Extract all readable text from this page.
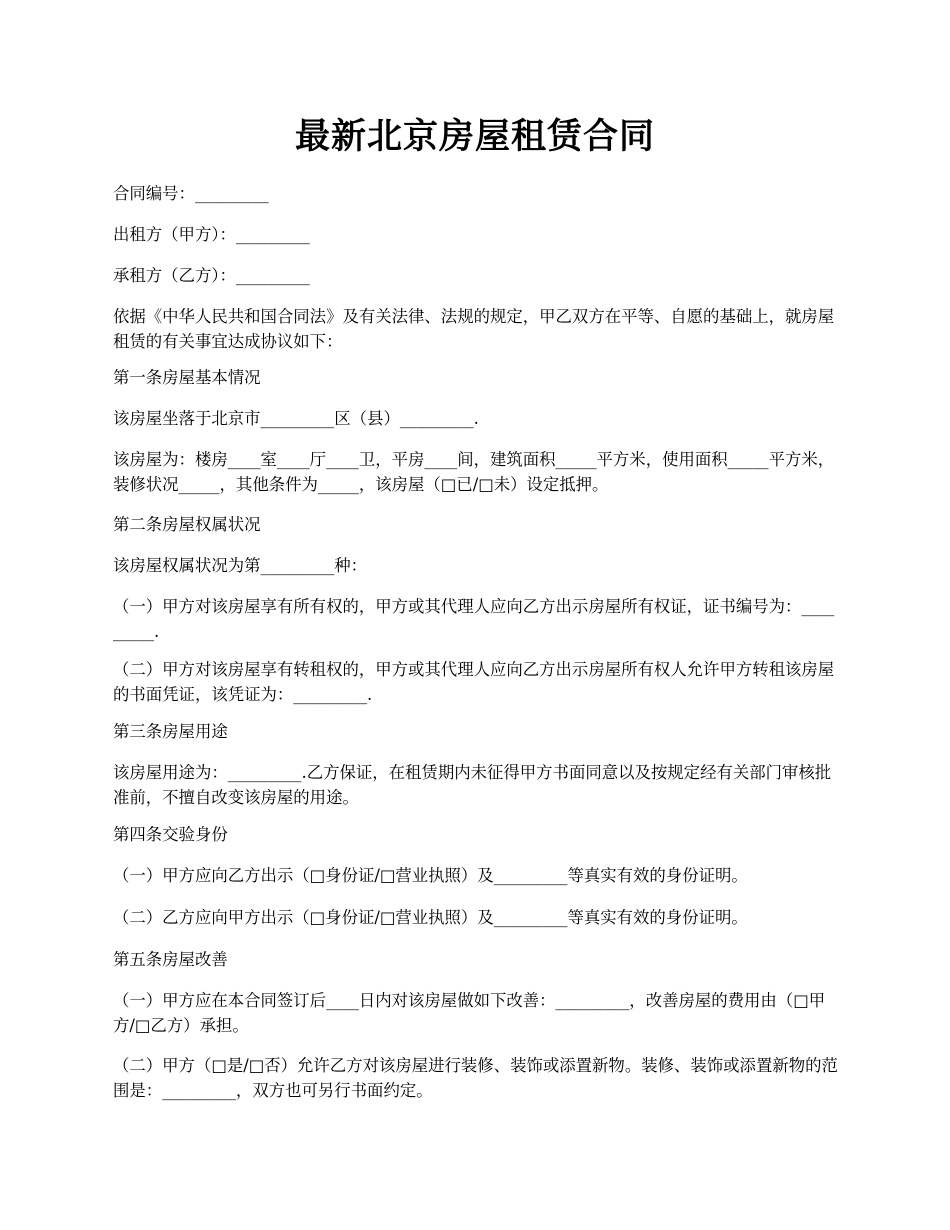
最新北京房屋租赁合同

合同编号：_________

出租方（甲方）：_________

承租方（乙方）：_________

依据《中华人民共和国合同法》及有关法律、法规的规定，甲乙双方在平等、自愿的基础上，就房屋租赁的有关事宜达成协议如下：

第一条房屋基本情况

该房屋坐落于北京市_________区（县）_________.

该房屋为：楼房____室____厅____卫，平房____间，建筑面积_____平方米，使用面积_____平方米，装修状况_____，其他条件为_____，该房屋（□已/□未）设定抵押。

第二条房屋权属状况

该房屋权属状况为第_________种：

（一）甲方对该房屋享有所有权的，甲方或其代理人应向乙方出示房屋所有权证，证书编号为：_________.

（二）甲方对该房屋享有转租权的，甲方或其代理人应向乙方出示房屋所有权人允许甲方转租该房屋的书面凭证，该凭证为：_________.

第三条房屋用途

该房屋用途为：_________.乙方保证，在租赁期内未征得甲方书面同意以及按规定经有关部门审核批准前，不擅自改变该房屋的用途。

第四条交验身份

（一）甲方应向乙方出示（□身份证/□营业执照）及_________等真实有效的身份证明。

（二）乙方应向甲方出示（□身份证/□营业执照）及_________等真实有效的身份证明。

第五条房屋改善

（一）甲方应在本合同签订后____日内对该房屋做如下改善：_________，改善房屋的费用由（□甲方/□乙方）承担。

（二）甲方（□是/□否）允许乙方对该房屋进行装修、装饰或添置新物。装修、装饰或添置新物的范围是：_________，双方也可另行书面约定。
